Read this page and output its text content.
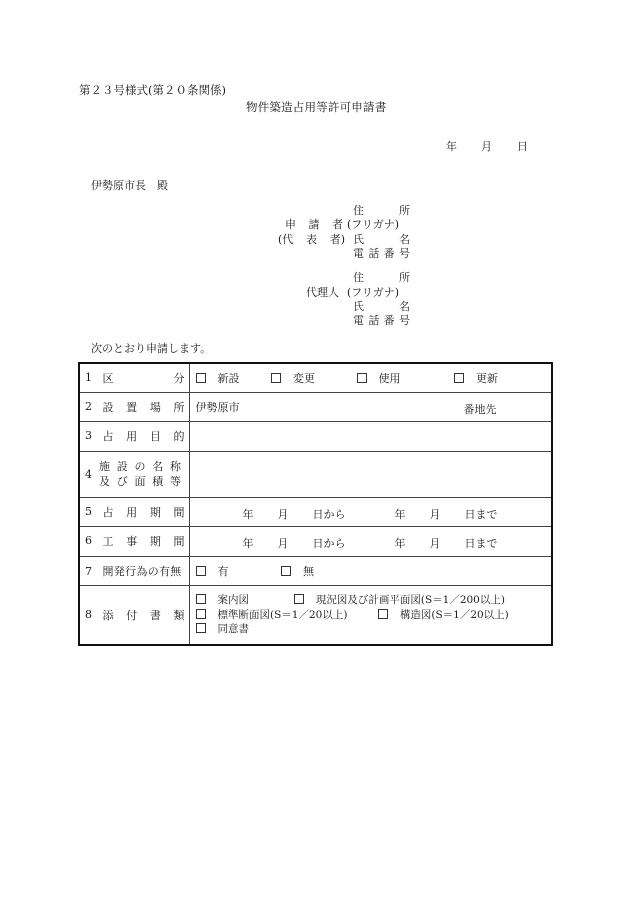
第２３号様式(第２０条関係)
物件築造占用等許可申請書
年 月 日
伊勢原市長　殿
申 請 者
(代 表 者)
住	所
(フリガナ)
氏	名
電 話 番 号
代理人
住	所
(フリガナ)
氏	名
電 話 番 号
次のとおり申請します。
1 区 分	新設 変更 使用 更新
2 設 置 場 所	伊勢原市 番地先

3 占 用 目 的	

4
施 設 の 名 称
及 び 面 積 等

5 占 用 期 間	年 月 日から	年 月 日まで

6 工 事 期 間	年 月 日から	年 月 日まで

7 開発行為の有無	有 無
8 添 付 書 類

案内図	現況図及び計画平面図(S＝1／200以上)
標準断面図(S＝1／20以上)	構造図(S＝1／20以上)
同意書
